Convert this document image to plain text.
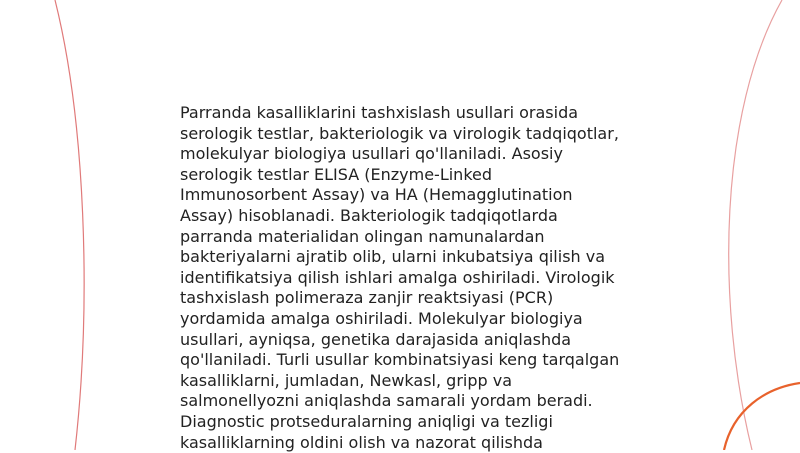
Parranda kasalliklarini tashxislash usullari orasida serologik testlar, bakteriologik va virologik tadqiqotlar, molekulyar biologiya usullari qo'llaniladi. Asosiy serologik testlar ELISA (Enzyme-Linked Immunosorbent Assay) va HA (Hemagglutination Assay) hisoblanadi. Bakteriologik tadqiqotlarda parranda materialidan olingan namunalardan bakteriyalarni ajratib olib, ularni inkubatsiya qilish va identifikatsiya qilish ishlari amalga oshiriladi. Virologik tashxislash polimeraza zanjir reaktsiyasi (PCR) yordamida amalga oshiriladi. Molekulyar biologiya usullari, ayniqsa, genetika darajasida aniqlashda qo'llaniladi. Turli usullar kombinatsiyasi keng tarqalgan kasalliklarni, jumladan, Newkasl, gripp va salmonellyozni aniqlashda samarali yordam beradi. Diagnostic protseduralarning aniqligi va tezligi kasalliklarning oldini olish va nazorat qilishda
